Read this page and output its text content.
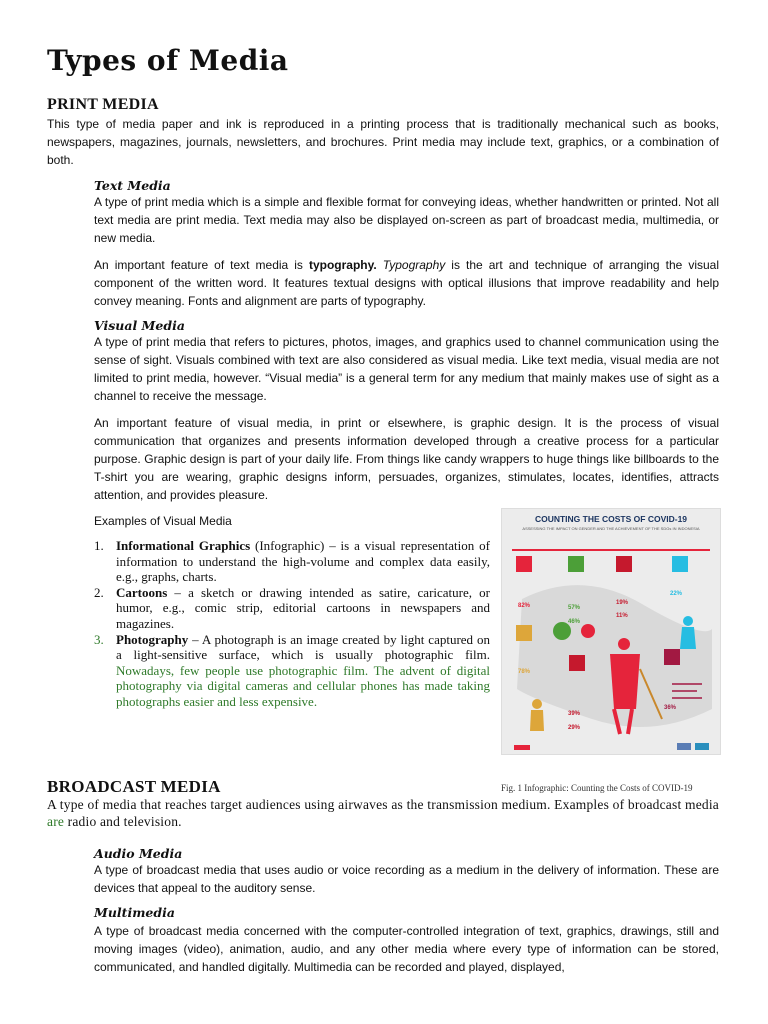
Types of Media
PRINT MEDIA

This type of media paper and ink is reproduced in a printing process that is traditionally mechanical such as books, newspapers, magazines, journals, newsletters, and brochures. Print media may include text, graphics, or a combination of both.

Text Media

A type of print media which is a simple and flexible format for conveying ideas, whether handwritten or printed. Not all text media are print media. Text media may also be displayed on-screen as part of broadcast media, multimedia, or new media.

An important feature of text media is typography. Typography is the art and technique of arranging the visual component of the written word. It features textual designs with optical illusions that improve readability and help convey meaning. Fonts and alignment are parts of typography.

Visual Media

A type of print media that refers to pictures, photos, images, and graphics used to channel communication using the sense of sight. Visuals combined with text are also considered as visual media. Like text media, visual media are not limited to print media, however. “Visual media” is a general term for any medium that mainly makes use of sight as a channel to receive the message.

An important feature of visual media, in print or elsewhere, is graphic design. It is the process of visual communication that organizes and presents information developed through a creative process for a particular purpose. Graphic design is part of your daily life. From things like candy wrappers to huge things like billboards to the T-shirt you are wearing, graphic designs inform, persuades, organizes, stimulates, locates, identifies, attracts attention, and provides pleasure.

Examples of Visual Media

1. Informational Graphics (Infographic) – is a visual representation of information to understand the high-volume and complex data easily, e.g., graphs, charts.
2. Cartoons – a sketch or drawing intended as satire, caricature, or humor, e.g., comic strip, editorial cartoons in newspapers and magazines.
3. Photography – A photograph is an image created by light captured on a light-sensitive surface, which is usually photographic film. Nowadays, few people use photographic film. The advent of digital photography via digital cameras and cellular phones has made taking photographs easier and less expensive.
COUNTING THE COSTS OF COVID-19
ASSESSING THE IMPACT ON GENDER AND THE ACHIEVEMENT OF THE SDGs IN INDONESIA
82%	57%
19%
22%
78%
39%
36%
29%
11%
46%

Fig. 1 Infographic: Counting the Costs of COVID-19

BROADCAST MEDIA

A type of media that reaches target audiences using airwaves as the transmission medium. Examples of broadcast media are radio and television.

Audio Media

A type of broadcast media that uses audio or voice recording as a medium in the delivery of information. These are devices that appeal to the auditory sense.

Multimedia

A type of broadcast media concerned with the computer-controlled integration of text, graphics, drawings, still and moving images (video), animation, audio, and any other media where every type of information can be stored, communicated, and handled digitally. Multimedia can be recorded and played, displayed,
